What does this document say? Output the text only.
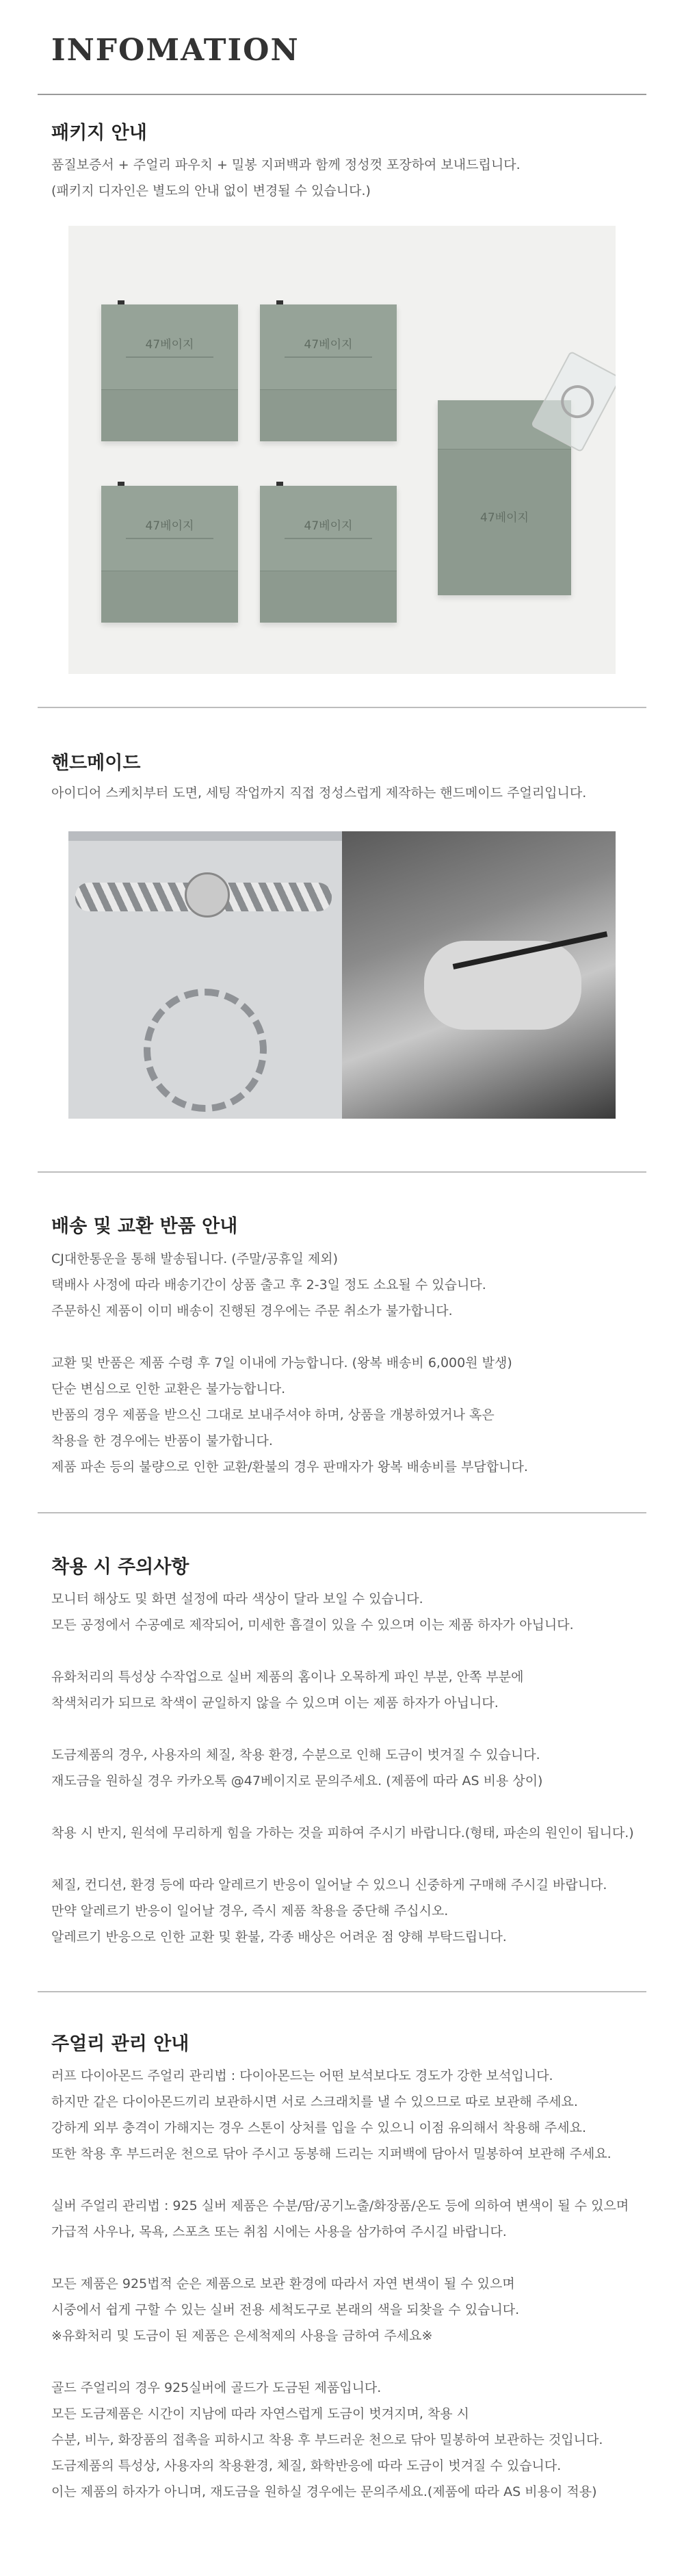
INFOMATION
패키지 안내
품질보증서 + 주얼리 파우치 + 밀봉 지퍼백과 함께 정성껏 포장하여 보내드립니다.
(패키지 디자인은 별도의 안내 없이 변경될 수 있습니다.)
47베이지	47베이지
47베이지	47베이지
47베이지
핸드메이드
아이디어 스케치부터 도면, 세팅 작업까지 직접 정성스럽게 제작하는 핸드메이드 주얼리입니다.
배송 및 교환 반품 안내
CJ대한통운을 통해 발송됩니다. (주말/공휴일 제외)
택배사 사정에 따라 배송기간이 상품 출고 후 2-3일 정도 소요될 수 있습니다.
주문하신 제품이 이미 배송이 진행된 경우에는 주문 취소가 불가합니다.
교환 및 반품은 제품 수령 후 7일 이내에 가능합니다. (왕복 배송비 6,000원 발생)
단순 변심으로 인한 교환은 불가능합니다.
반품의 경우 제품을 받으신 그대로 보내주셔야 하며, 상품을 개봉하였거나 혹은
착용을 한 경우에는 반품이 불가합니다.
제품 파손 등의 불량으로 인한 교환/환불의 경우 판매자가 왕복 배송비를 부담합니다.
착용 시 주의사항
모니터 해상도 및 화면 설정에 따라 색상이 달라 보일 수 있습니다.
모든 공정에서 수공예로 제작되어, 미세한 흠결이 있을 수 있으며 이는 제품 하자가 아닙니다.
유화처리의 특성상 수작업으로 실버 제품의 홈이나 오목하게 파인 부분, 안쪽 부분에
착색처리가 되므로 착색이 균일하지 않을 수 있으며 이는 제품 하자가 아닙니다.
도금제품의 경우, 사용자의 체질, 착용 환경, 수분으로 인해 도금이 벗겨질 수 있습니다.
재도금을 원하실 경우 카카오톡 @47베이지로 문의주세요. (제품에 따라 AS 비용 상이)
착용 시 반지, 원석에 무리하게 힘을 가하는 것을 피하여 주시기 바랍니다.(형태, 파손의 원인이 됩니다.)
체질, 컨디션, 환경 등에 따라 알레르기 반응이 일어날 수 있으니 신중하게 구매해 주시길 바랍니다.
만약 알레르기 반응이 일어날 경우, 즉시 제품 착용을 중단해 주십시오.
알레르기 반응으로 인한 교환 및 환불, 각종 배상은 어려운 점 양해 부탁드립니다.
주얼리 관리 안내
러프 다이아몬드 주얼리 관리법 : 다이아몬드는 어떤 보석보다도 경도가 강한 보석입니다.
하지만 같은 다이아몬드끼리 보관하시면 서로 스크래치를 낼 수 있으므로 따로 보관해 주세요.
강하게 외부 충격이 가해지는 경우 스톤이 상처를 입을 수 있으니 이점 유의해서 착용해 주세요.
또한 착용 후 부드러운 천으로 닦아 주시고 동봉해 드리는 지퍼백에 담아서 밀봉하여 보관해 주세요.
실버 주얼리 관리법 : 925 실버 제품은 수분/땀/공기노출/화장품/온도 등에 의하여 변색이 될 수 있으며
가급적 사우나, 목욕, 스포츠 또는 취침 시에는 사용을 삼가하여 주시길 바랍니다.
모든 제품은 925법적 순은 제품으로 보관 환경에 따라서 자연 변색이 될 수 있으며
시중에서 쉽게 구할 수 있는 실버 전용 세척도구로 본래의 색을 되찾을 수 있습니다.
※유화처리 및 도금이 된 제품은 은세척제의 사용을 금하여 주세요※
골드 주얼리의 경우 925실버에 골드가 도금된 제품입니다.
모든 도금제품은 시간이 지남에 따라 자연스럽게 도금이 벗겨지며, 착용 시
수분, 비누, 화장품의 접촉을 피하시고 착용 후 부드러운 천으로 닦아 밀봉하여 보관하는 것입니다.
도금제품의 특성상, 사용자의 착용환경, 체질, 화학반응에 따라 도금이 벗겨질 수 있습니다.
이는 제품의 하자가 아니며, 재도금을 원하실 경우에는 문의주세요.(제품에 따라 AS 비용이 적용)
